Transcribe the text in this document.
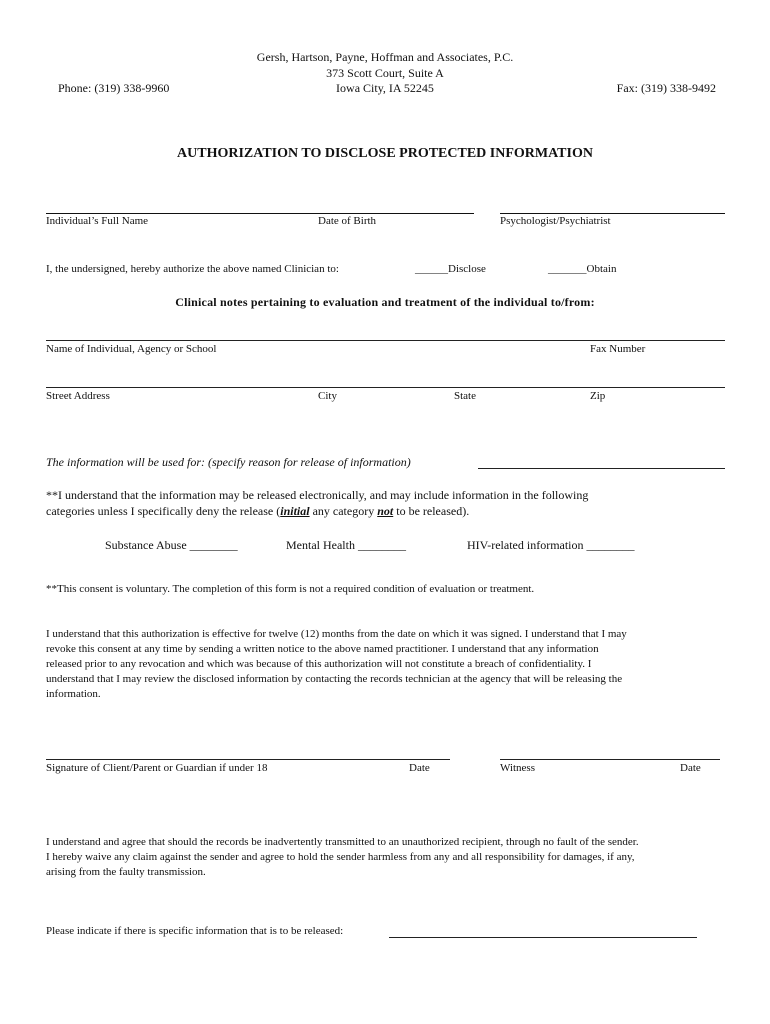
Gersh, Hartson, Payne, Hoffman and Associates, P.C.
373 Scott Court, Suite A
Iowa City, IA 52245
Phone: (319) 338-9960	Fax: (319) 338-9492
AUTHORIZATION TO DISCLOSE PROTECTED INFORMATION
Individual’s Full Name	Date of Birth	Psychologist/Psychiatrist
I, the undersigned, hereby authorize the above named Clinician to:	______Disclose	_______Obtain
Clinical notes pertaining to evaluation and treatment of the individual to/from:
Name of Individual, Agency or School	Fax Number
Street Address	City	State	Zip
The information will be used for: (specify reason for release of information)
**I understand that the information may be released electronically, and may include information in the following
categories unless I specifically deny the release (initial any category not to be released).
Substance Abuse ________	Mental Health ________	HIV-related information ________
**This consent is voluntary. The completion of this form is not a required condition of evaluation or treatment.
I understand that this authorization is effective for twelve (12) months from the date on which it was signed. I understand that I may
revoke this consent at any time by sending a written notice to the above named practitioner. I understand that any information
released prior to any revocation and which was because of this authorization will not constitute a breach of confidentiality. I
understand that I may review the disclosed information by contacting the records technician at the agency that will be releasing the
information.
Signature of Client/Parent or Guardian if under 18	Date	Witness	Date
I understand and agree that should the records be inadvertently transmitted to an unauthorized recipient, through no fault of the sender.
I hereby waive any claim against the sender and agree to hold the sender harmless from any and all responsibility for damages, if any,
arising from the faulty transmission.
Please indicate if there is specific information that is to be released:
